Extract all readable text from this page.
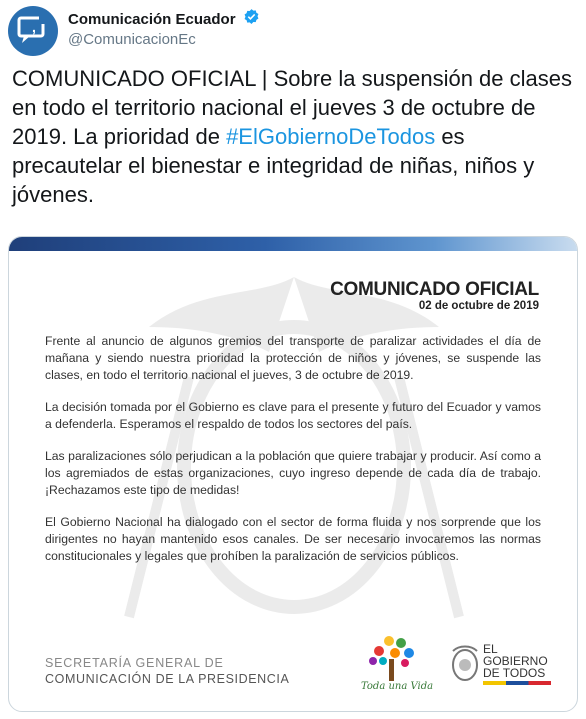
, Comunicación Ecuador
@ComunicacionEc
COMUNICADO OFICIAL | Sobre la suspensión de clases en todo el territorio nacional el jueves 3 de octubre de 2019. La prioridad de #ElGobiernoDeTodos es precautelar el bienestar e integridad de niñas, niños y jóvenes.
COMUNICADO OFICIAL
02 de octubre de 2019

Frente al anuncio de algunos gremios del transporte de paralizar actividades el día de mañana y siendo nuestra prioridad la protección de niños y jóvenes, se suspende las clases, en todo el territorio nacional el jueves, 3 de octubre de 2019.

La decisión tomada por el Gobierno es clave para el presente y futuro del Ecuador y vamos a defenderla. Esperamos el respaldo de todos los sectores del país.

Las paralizaciones sólo perjudican a la población que quiere trabajar y producir. Así como a los agremiados de estas organizaciones, cuyo ingreso depende de cada día de trabajo. ¡Rechazamos este tipo de medidas!

El Gobierno Nacional ha dialogado con el sector de forma fluida y nos sorprende que los dirigentes no hayan mantenido esos canales. De ser necesario invocaremos las normas constitucionales y legales que prohíben la paralización de servicios públicos.

SECRETARÍA GENERAL DE
COMUNICACIÓN DE LA PRESIDENCIA
Toda una Vida
EL
GOBIERNO
DE TODOS
